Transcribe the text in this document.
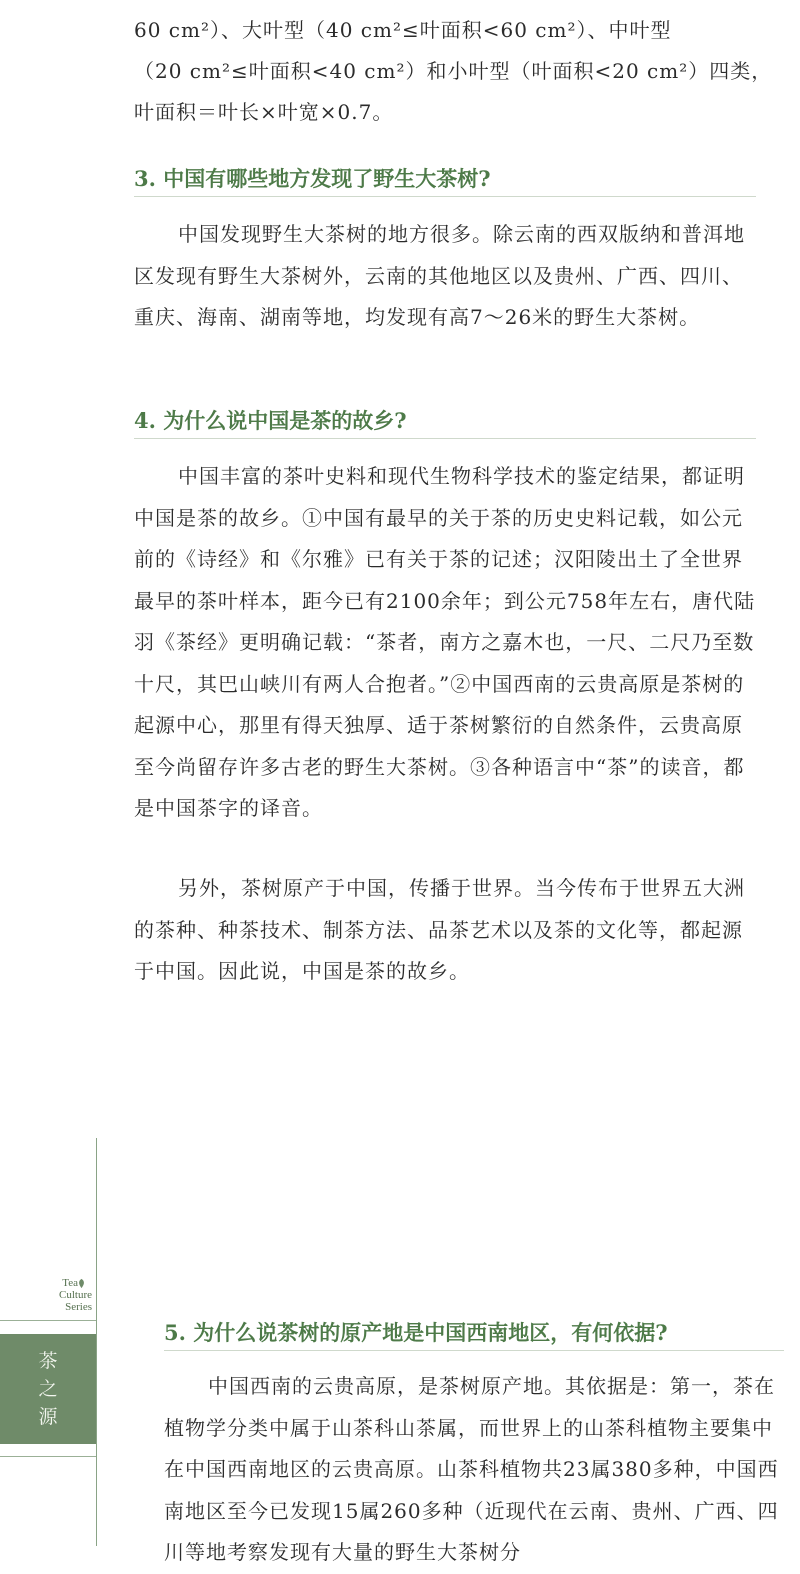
60 cm²）、大叶型（40 cm²≤叶面积<60 cm²）、中叶型

（20 cm²≤叶面积<40 cm²）和小叶型（叶面积<20 cm²）四类，

叶面积＝叶长×叶宽×0.7。

3. 中国有哪些地方发现了野生大茶树?

中国发现野生大茶树的地方很多。除云南的西双版纳和普洱地区发现有野生大茶树外，云南的其他地区以及贵州、广西、四川、重庆、海南、湖南等地，均发现有高7～26米的野生大茶树。

4. 为什么说中国是茶的故乡?

中国丰富的茶叶史料和现代生物科学技术的鉴定结果，都证明中国是茶的故乡。①中国有最早的关于茶的历史史料记载，如公元前的《诗经》和《尔雅》已有关于茶的记述；汉阳陵出土了全世界最早的茶叶样本，距今已有2100余年；到公元758年左右，唐代陆羽《茶经》更明确记载：“茶者，南方之嘉木也，一尺、二尺乃至数十尺，其巴山峡川有两人合抱者。”②中国西南的云贵高原是茶树的起源中心，那里有得天独厚、适于茶树繁衍的自然条件，云贵高原至今尚留存许多古老的野生大茶树。③各种语言中“茶”的读音，都是中国茶字的译音。

另外，茶树原产于中国，传播于世界。当今传布于世界五大洲的茶种、种茶技术、制茶方法、品茶艺术以及茶的文化等，都起源于中国。因此说，中国是茶的故乡。

Tea
Culture
Series
茶
之
源
5. 为什么说茶树的原产地是中国西南地区，有何依据?

中国西南的云贵高原，是茶树原产地。其依据是：第一，茶在植物学分类中属于山茶科山茶属，而世界上的山茶科植物主要集中在中国西南地区的云贵高原。山茶科植物共23属380多种，中国西南地区至今已发现15属260多种（近现代在云南、贵州、广西、四川等地考察发现有大量的野生大茶树分
